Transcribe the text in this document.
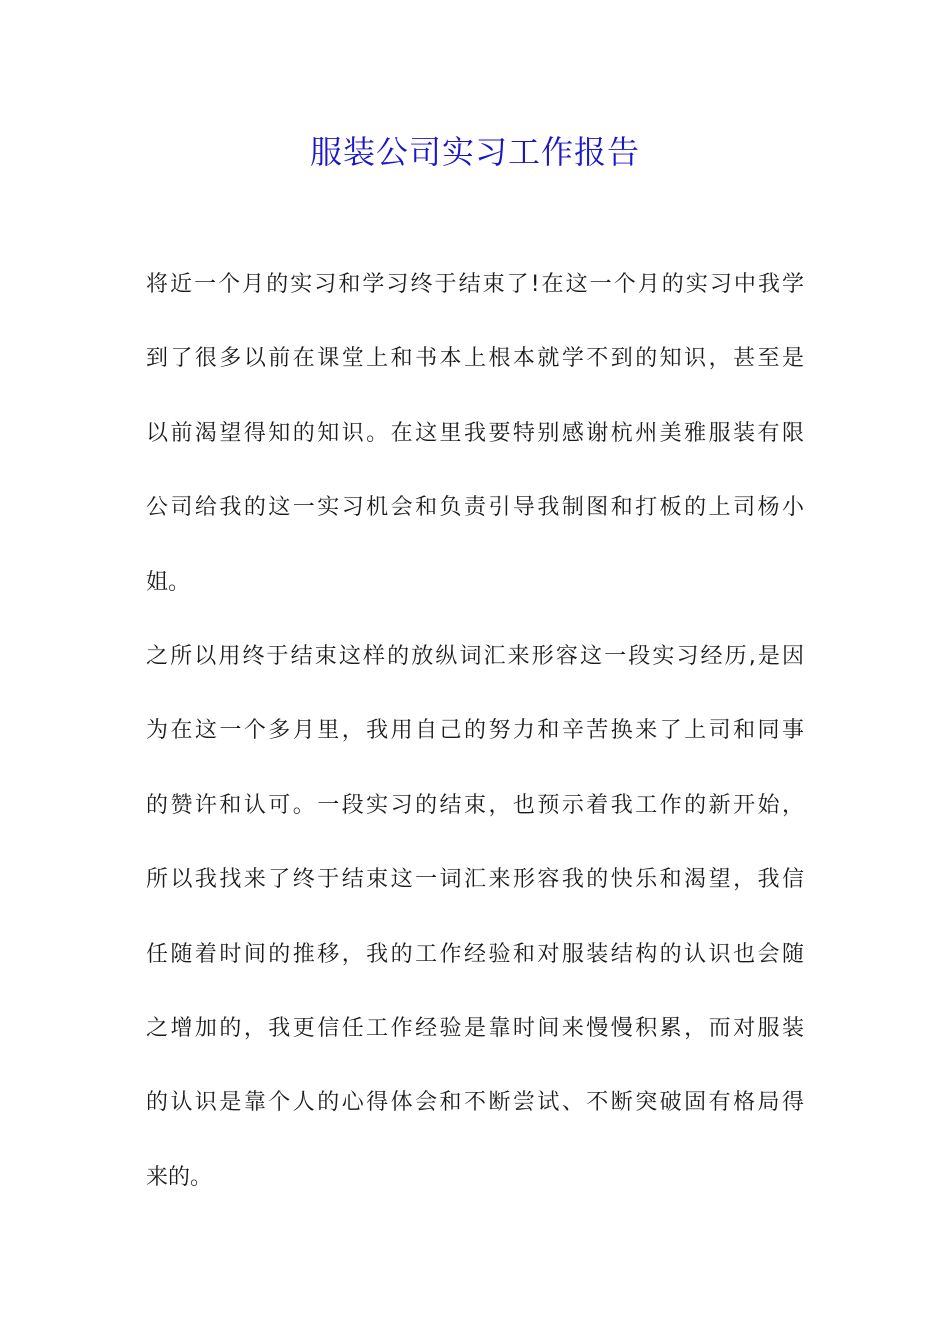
服装公司实习工作报告
将近一个月的实习和学习终于结束了!在这一个月的实习中我学
到了很多以前在课堂上和书本上根本就学不到的知识，甚至是
以前渴望得知的知识。在这里我要特别感谢杭州美雅服装有限
公司给我的这一实习机会和负责引导我制图和打板的上司杨小
姐。
之所以用终于结束这样的放纵词汇来形容这一段实习经历,是因
为在这一个多月里，我用自己的努力和辛苦换来了上司和同事
的赞许和认可。一段实习的结束，也预示着我工作的新开始，
所以我找来了终于结束这一词汇来形容我的快乐和渴望，我信
任随着时间的推移，我的工作经验和对服装结构的认识也会随
之增加的，我更信任工作经验是靠时间来慢慢积累，而对服装
的认识是靠个人的心得体会和不断尝试、不断突破固有格局得
来的。
